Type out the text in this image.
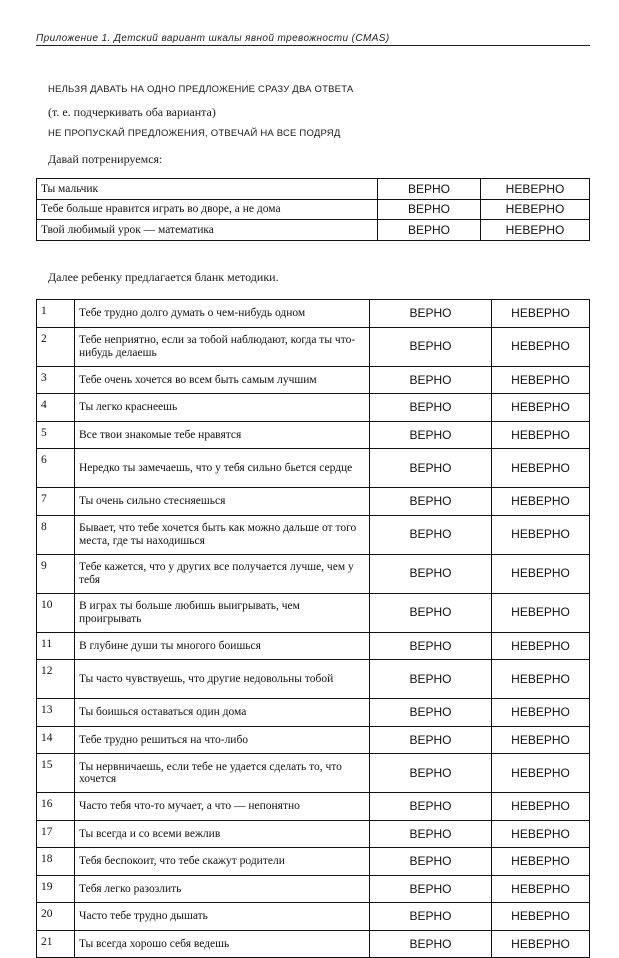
Приложение 1. Детский вариант шкалы явной тревожности (CMAS)
НЕЛЬЗЯ ДАВАТЬ НА ОДНО ПРЕДЛОЖЕНИЕ СРАЗУ ДВА ОТВЕТА
(т. е. подчеркивать оба варианта)
НЕ ПРОПУСКАЙ ПРЕДЛОЖЕНИЯ, ОТВЕЧАЙ НА ВСЕ ПОДРЯД
Давай потренируемся:
Ты мальчик	ВЕРНО	НЕВЕРНО
Тебе больше нравится играть во дворе, а не дома	ВЕРНО	НЕВЕРНО
Твой любимый урок — математика	ВЕРНО	НЕВЕРНО
Далее ребенку предлагается бланк методики.
1	Тебе трудно долго думать о чем-нибудь одном	ВЕРНО	НЕВЕРНО
2	Тебе неприятно, если за тобой наблюдают, когда ты что-нибудь делаешь	ВЕРНО	НЕВЕРНО
3	Тебе очень хочется во всем быть самым лучшим	ВЕРНО	НЕВЕРНО
4	Ты легко краснеешь	ВЕРНО	НЕВЕРНО
5	Все твои знакомые тебе нравятся	ВЕРНО	НЕВЕРНО
6	Нередко ты замечаешь, что у тебя сильно бьется сердце	ВЕРНО	НЕВЕРНО
7	Ты очень сильно стесняешься	ВЕРНО	НЕВЕРНО
8	Бывает, что тебе хочется быть как можно дальше от того места, где ты находишься	ВЕРНО	НЕВЕРНО
9	Тебе кажется, что у других все получается лучше, чем у тебя	ВЕРНО	НЕВЕРНО
10	В играх ты больше любишь выигрывать, чем проигрывать	ВЕРНО	НЕВЕРНО
11	В глубине души ты многого боишься	ВЕРНО	НЕВЕРНО
12	Ты часто чувствуешь, что другие недовольны тобой	ВЕРНО	НЕВЕРНО
13	Ты боишься оставаться один дома	ВЕРНО	НЕВЕРНО
14	Тебе трудно решиться на что-либо	ВЕРНО	НЕВЕРНО
15	Ты нервничаешь, если тебе не удается сделать то, что хочется	ВЕРНО	НЕВЕРНО
16	Часто тебя что-то мучает, а что — непонятно	ВЕРНО	НЕВЕРНО
17	Ты всегда и со всеми вежлив	ВЕРНО	НЕВЕРНО
18	Тебя беспокоит, что тебе скажут родители	ВЕРНО	НЕВЕРНО
19	Тебя легко разозлить	ВЕРНО	НЕВЕРНО
20	Часто тебе трудно дышать	ВЕРНО	НЕВЕРНО
21	Ты всегда хорошо себя ведешь	ВЕРНО	НЕВЕРНО
